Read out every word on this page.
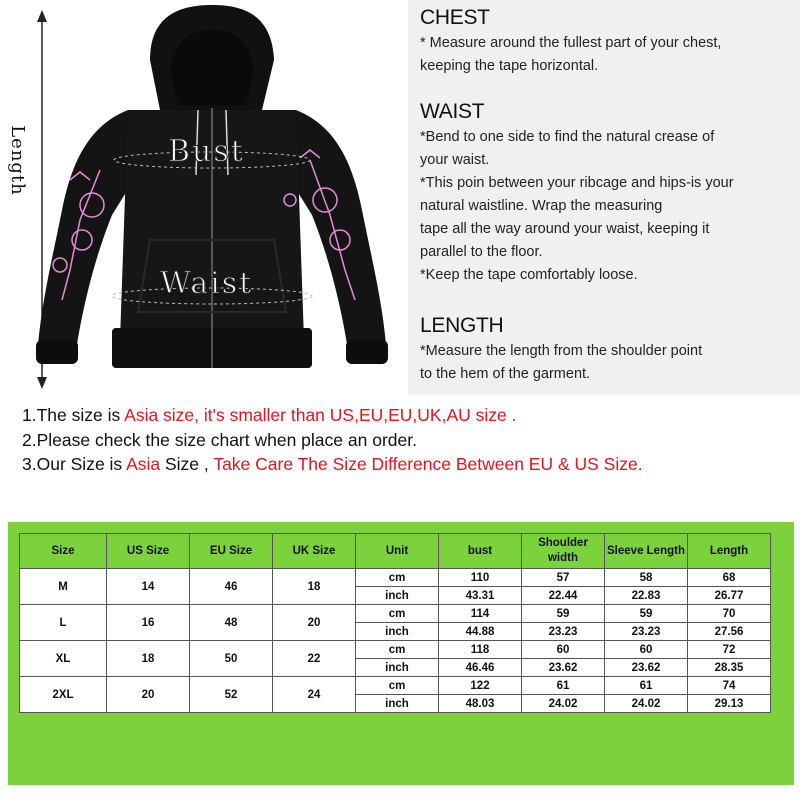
Bust
Waist
Length
CHEST
* Measure around the fullest part of your chest,
keeping the tape horizontal.
WAIST
*Bend to one side to find the natural crease of
your waist.
*This poin between your ribcage and hips-is your
natural waistline. Wrap the measuring
tape all the way around your waist, keeping it
parallel to the floor.
*Keep the tape comfortably loose.
LENGTH
*Measure the length from the shoulder point
to the hem of the garment.
1.The size is Asia size, it's smaller than US,EU,EU,UK,AU size .
2.Please check the size chart when place an order.
3.Our Size is Asia Size , Take Care The Size Difference Between EU & US Size.
Size	US Size	EU Size	UK Size	Unit	bust	Shoulder width	Sleeve Length	Length
M	14	46	18	cm	110	57	58	68
				inch	43.31	22.44	22.83	26.77
L	16	48	20	cm	114	59	59	70
				inch	44.88	23.23	23.23	27.56
XL	18	50	22	cm	118	60	60	72
				inch	46.46	23.62	23.62	28.35
2XL	20	52	24	cm	122	61	61	74
				inch	48.03	24.02	24.02	29.13
